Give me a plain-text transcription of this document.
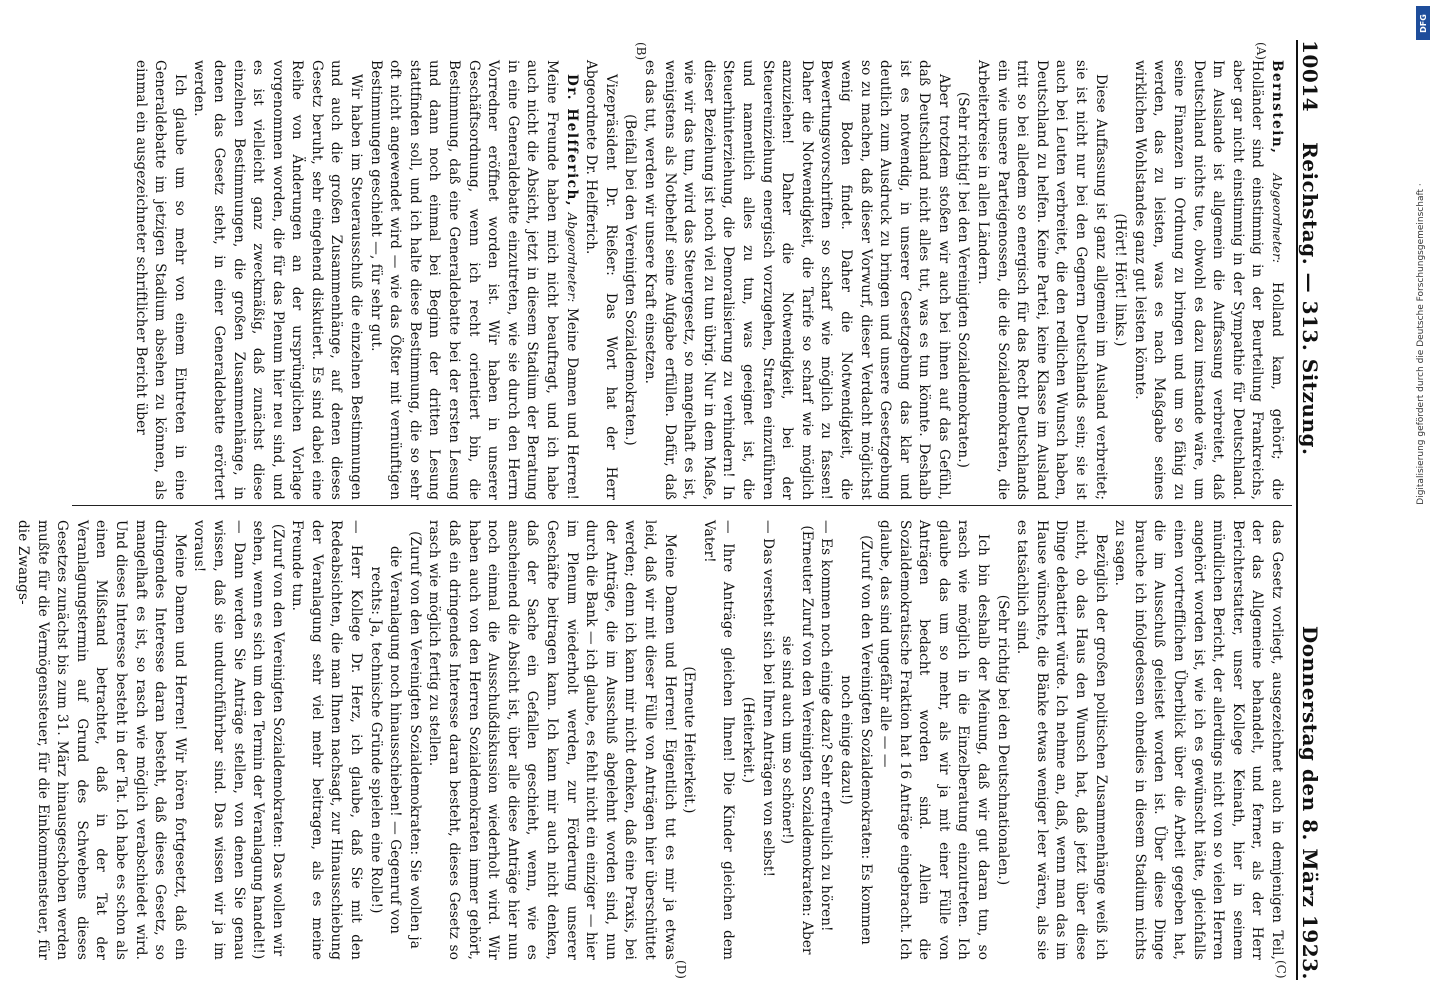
10014
Reichstag. — 313. Sitzung.
Donnerstag den 8. März 1923.
(A)
(B)
(C)
(D)

Bernstein, Abgeordneter: Holland kam, gehört; die Holländer sind einstimmig in der Beurteilung Frankreichs, aber gar nicht einstimmig in der Sympathie für Deutschland. Im Auslande ist allgemein die Auffassung verbreitet, daß Deutschland nichts tue, obwohl es dazu imstande wäre, um seine Finanzen in Ordnung zu bringen und um so fähig zu werden, das zu leisten, was es nach Maßgabe seines wirklichen Wohlstandes ganz gut leisten könnte.

(Hört! Hört! links.)

Diese Auffassung ist ganz allgemein im Ausland verbreitet; sie ist nicht nur bei den Gegnern Deutschlands sein; sie ist auch bei Leuten verbreitet, die den redlichen Wunsch haben, Deutschland zu helfen. Keine Partei, keine Klasse im Ausland tritt so bei alledem so energisch für das Recht Deutschlands ein wie unsere Parteigenossen, die die Sozialdemokraten, die Arbeiterkreise in allen Ländern.

(Sehr richtig! bei den Vereinigten Sozialdemokraten.)

Aber trotzdem stoßen wir auch bei ihnen auf das Gefühl, daß Deutschland nicht alles tut, was es tun könnte. Deshalb ist es notwendig, in unserer Gesetzgebung das klar und deutlich zum Ausdruck zu bringen und unsere Gesetzgebung so zu machen, daß dieser Vorwurf, dieser Verdacht möglichst wenig Boden findet. Daher die Notwendigkeit, die Bewertungsvorschriften so scharf wie möglich zu fassen! Daher die Notwendigkeit, die Tarife so scharf wie möglich anzuziehen! Daher die Notwendigkeit, bei der Steuereinziehung energisch vorzugehen, Strafen einzuführen und namentlich alles zu tun, was geeignet ist, die Steuerhinterziehung, die Demoralisierung zu verhindern! In dieser Beziehung ist noch viel zu tun übrig. Nur in dem Maße, wie wir das tun, wird das Steuergesetz, so mangelhaft es ist, wenigstens als Notbehelf seine Aufgabe erfüllen. Dafür, daß es das tut, werden wir unsere Kraft einsetzen.

(Beifall bei den Vereinigten Sozialdemokraten.)

Vizepräsident Dr. Rießer: Das Wort hat der Herr Abgeordnete Dr. Helfferich.

Dr. Helfferich, Abgeordneter: Meine Damen und Herren! Meine Freunde haben mich nicht beauftragt, und ich habe auch nicht die Absicht, jetzt in diesem Stadium der Beratung in eine Generaldebatte einzutreten, wie sie durch den Herrn Vorredner eröffnet worden ist. Wir haben in unserer Geschäftsordnung, wenn ich recht orientiert bin, die Bestimmung, daß eine Generaldebatte bei der ersten Lesung und dann noch einmal bei Beginn der dritten Lesung stattfinden soll, und ich halte diese Bestimmung, die so sehr oft nicht angewendet wird — wie das Ößter mit vernünftigen Bestimmungen geschieht —, für sehr gut.

Wir haben im Steuerausschuß die einzelnen Bestimmungen und auch die großen Zusammenhänge, auf denen dieses Gesetz beruht, sehr eingehend diskutiert. Es sind dabei eine Reihe von Änderungen an der ursprünglichen Vorlage vorgenommen worden, die für das Plenum hier neu sind, und es ist vielleicht ganz zweckmäßig, daß zunächst diese einzelnen Bestimmungen, die großen Zusammenhänge, in denen das Gesetz steht, in einer Generaldebatte erörtert werden.

Ich glaube um so mehr von einem Eintreten in eine Generaldebatte im jetzigen Stadium absehen zu können, als einmal ein ausgezeichneter schriftlicher Bericht über

das Gesetz vorliegt, ausgezeichnet auch in demjenigen Teil, der das Allgemeine behandelt, und ferner, als der Herr Berichterstatter, unser Kollege Keinath, hier in seinem mündlichen Bericht, der allerdings nicht von so vielen Herren angehört worden ist, wie ich es gewünscht hätte, gleichfalls einen vortrefflichen Überblick über die Arbeit gegeben hat, die im Ausschuß geleistet worden ist. Über diese Dinge brauche ich infolgedessen ohnedies in diesem Stadium nichts zu sagen.

Bezüglich der großen politischen Zusammenhänge weiß ich nicht, ob das Haus den Wunsch hat, daß jetzt über diese Dinge debattiert würde. Ich nehme an, daß, wenn man das im Hause wünschte, die Bänke etwas weniger leer wären, als sie es tatsächlich sind.

(Sehr richtig bei den Deutschnationalen.)

Ich bin deshalb der Meinung, daß wir gut daran tun, so rasch wie möglich in die Einzelberatung einzutreten. Ich glaube das um so mehr, als wir ja mit einer Fülle von Anträgen bedacht worden sind. Allein die Sozialdemokratische Fraktion hat 16 Anträge eingebracht. Ich glaube, das sind ungefähr alle — —

(Zuruf von den Vereinigten Sozialdemokraten: Es kommen noch einige dazu!)

— Es kommen noch einige dazu? Sehr erfreulich zu hören!

(Erneuter Zuruf von den Vereinigten Sozialdemokraten: Aber sie sind auch um so schöner!)

— Das versteht sich bei Ihren Anträgen von selbst!

(Heiterkeit.)

— Ihre Anträge gleichen Ihnen! Die Kinder gleichen dem Vater!

(Erneute Heiterkeit.)

Meine Damen und Herren! Eigentlich tut es mir ja etwas leid, daß wir mit dieser Fülle von Anträgen hier überschüttet werden; denn ich kann mir nicht denken, daß eine Praxis, bei der Anträge, die im Ausschuß abgelehnt worden sind, nun durch die Bank — ich glaube, es fehlt nicht ein einziger — hier im Plenum wiederholt werden, zur Förderung unserer Geschäfte beitragen kann. Ich kann mir auch nicht denken, daß der Sache ein Gefallen geschieht, wenn, wie es anscheinend die Absicht ist, über alle diese Anträge hier nun noch einmal die Ausschußdiskussion wiederholt wird. Wir haben auch von den Herren Sozialdemokraten immer gehört, daß ein dringendes Interesse daran besteht, dieses Gesetz so rasch wie möglich fertig zu stellen.

(Zuruf von den Vereinigten Sozialdemokraten: Sie wollen ja die Veranlagung noch hinausschieben! — Gegenruf von rechts: Ja, technische Gründe spielen eine Rolle!)

— Herr Kollege Dr. Herz, ich glaube, daß Sie mit den Redeabsichten, die man Ihnen nachsagt, zur Hinausschiebung der Veranlagung sehr viel mehr beitragen, als es meine Freunde tun.

(Zuruf von den Vereinigten Sozialdemokraten: Das wollen wir sehen, wenn es sich um den Termin der Veranlagung handelt!)

— Dann werden Sie Anträge stellen, von denen Sie genau wissen, daß sie undurchführbar sind. Das wissen wir ja im voraus!

Meine Damen und Herren! Wir hören fortgesetzt, daß ein dringendes Interesse daran besteht, daß dieses Gesetz, so mangelhaft es ist, so rasch wie möglich verabschiedet wird. Und dieses Interesse besteht in der Tat. Ich habe es schon als einen Mißstand betrachtet, daß in der Tat der Veranlagungstermin auf Grund des Schwebens dieses Gesetzes zunächst bis zum 31. März hinausgeschoben werden mußte für die Vermögenssteuer, für die Einkommensteuer, für die Zwangs-

DFG
Digitalisierung gefördert durch die Deutsche Forschungsgemeinschaft ·
